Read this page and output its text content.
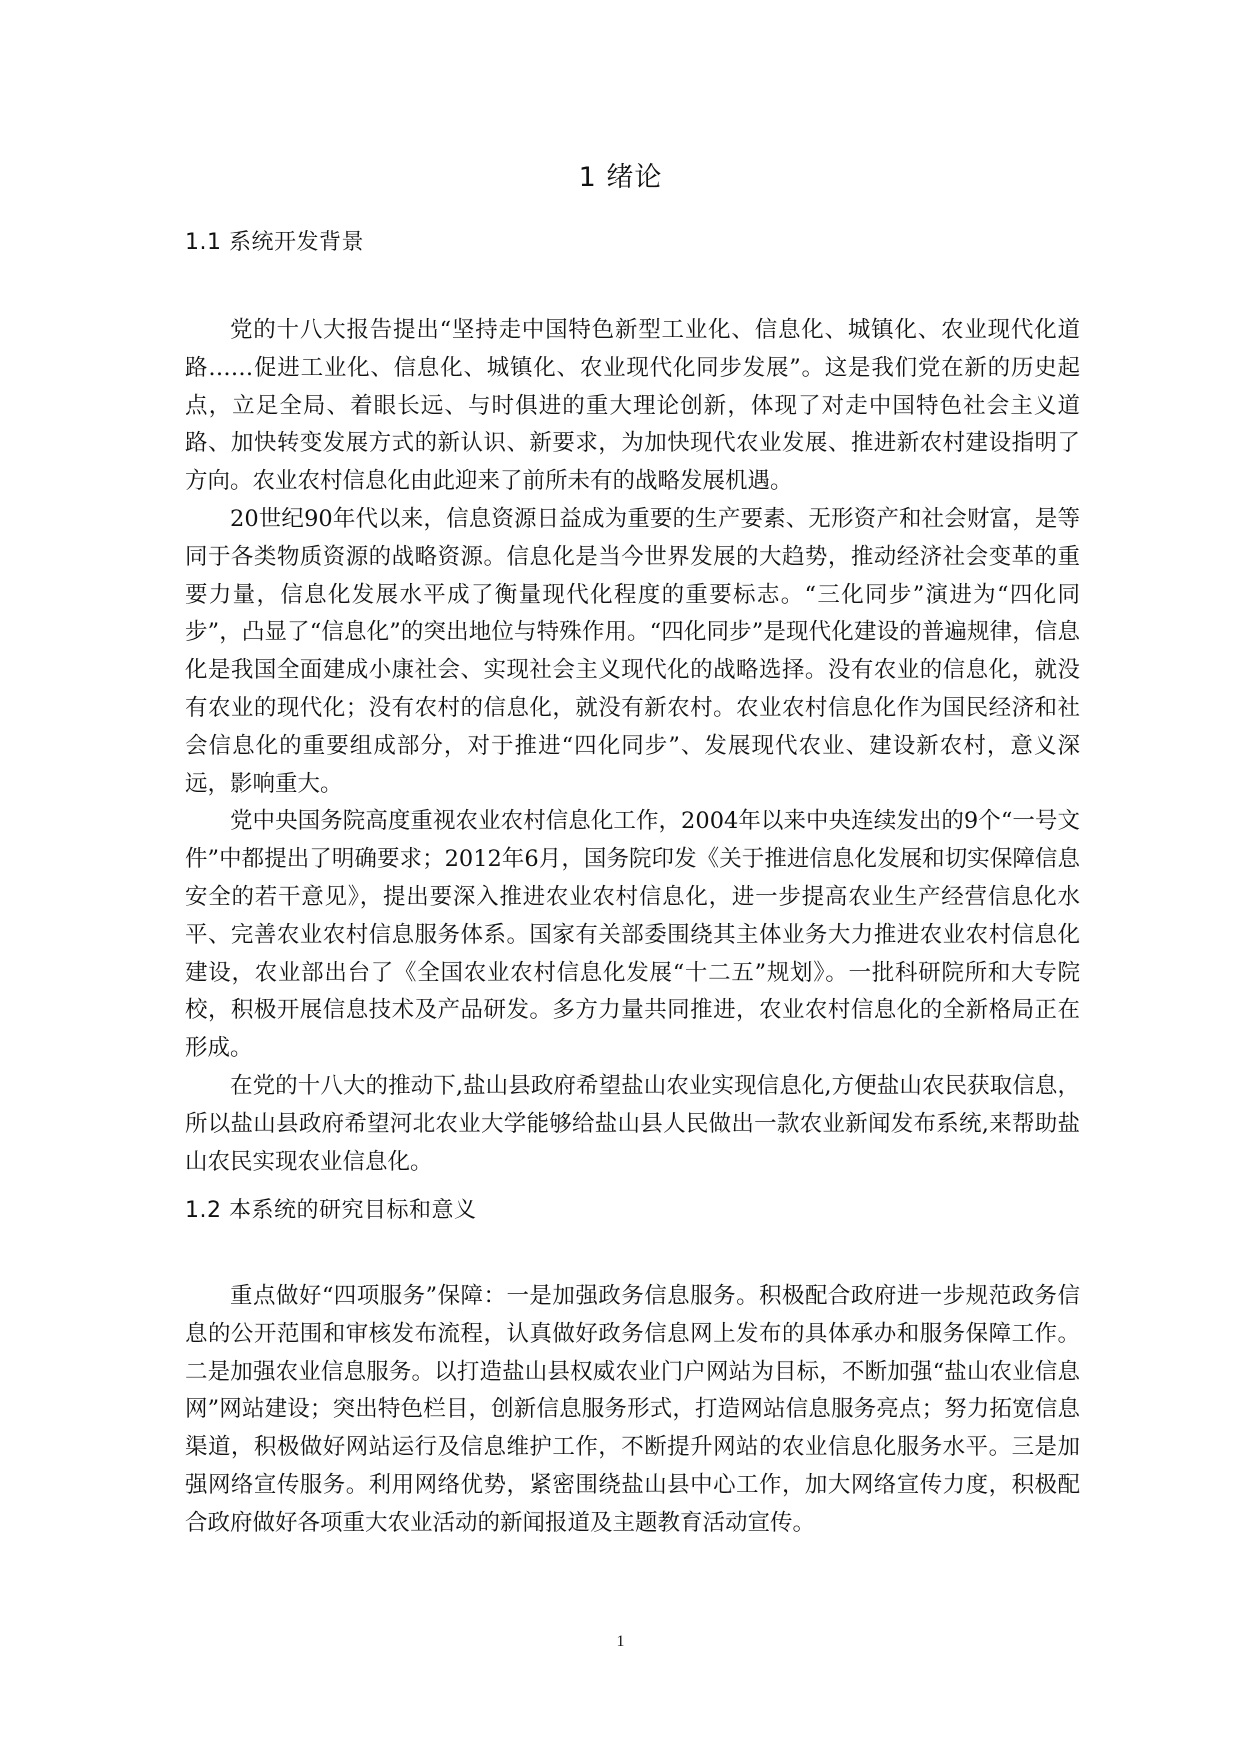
1 绪论
1.1 系统开发背景

党的十八大报告提出“坚持走中国特色新型工业化、信息化、城镇化、农业现代化道路……促进工业化、信息化、城镇化、农业现代化同步发展”。这是我们党在新的历史起点，立足全局、着眼长远、与时俱进的重大理论创新，体现了对走中国特色社会主义道路、加快转变发展方式的新认识、新要求，为加快现代农业发展、推进新农村建设指明了方向。农业农村信息化由此迎来了前所未有的战略发展机遇。

20世纪90年代以来，信息资源日益成为重要的生产要素、无形资产和社会财富，是等同于各类物质资源的战略资源。信息化是当今世界发展的大趋势，推动经济社会变革的重要力量，信息化发展水平成了衡量现代化程度的重要标志。“三化同步”演进为“四化同步”，凸显了“信息化”的突出地位与特殊作用。“四化同步”是现代化建设的普遍规律，信息化是我国全面建成小康社会、实现社会主义现代化的战略选择。没有农业的信息化，就没有农业的现代化；没有农村的信息化，就没有新农村。农业农村信息化作为国民经济和社会信息化的重要组成部分，对于推进“四化同步”、发展现代农业、建设新农村，意义深远，影响重大。

党中央国务院高度重视农业农村信息化工作，2004年以来中央连续发出的9个“一号文件”中都提出了明确要求；2012年6月，国务院印发《关于推进信息化发展和切实保障信息安全的若干意见》，提出要深入推进农业农村信息化，进一步提高农业生产经营信息化水平、完善农业农村信息服务体系。国家有关部委围绕其主体业务大力推进农业农村信息化建设，农业部出台了《全国农业农村信息化发展“十二五”规划》。一批科研院所和大专院校，积极开展信息技术及产品研发。多方力量共同推进，农业农村信息化的全新格局正在形成。

在党的十八大的推动下,盐山县政府希望盐山农业实现信息化,方便盐山农民获取信息，所以盐山县政府希望河北农业大学能够给盐山县人民做出一款农业新闻发布系统,来帮助盐山农民实现农业信息化。

1.2 本系统的研究目标和意义

重点做好“四项服务”保障：一是加强政务信息服务。积极配合政府进一步规范政务信息的公开范围和审核发布流程，认真做好政务信息网上发布的具体承办和服务保障工作。二是加强农业信息服务。以打造盐山县权威农业门户网站为目标，不断加强“盐山农业信息网”网站建设；突出特色栏目，创新信息服务形式，打造网站信息服务亮点；努力拓宽信息渠道，积极做好网站运行及信息维护工作，不断提升网站的农业信息化服务水平。三是加强网络宣传服务。利用网络优势，紧密围绕盐山县中心工作，加大网络宣传力度，积极配合政府做好各项重大农业活动的新闻报道及主题教育活动宣传。

1
